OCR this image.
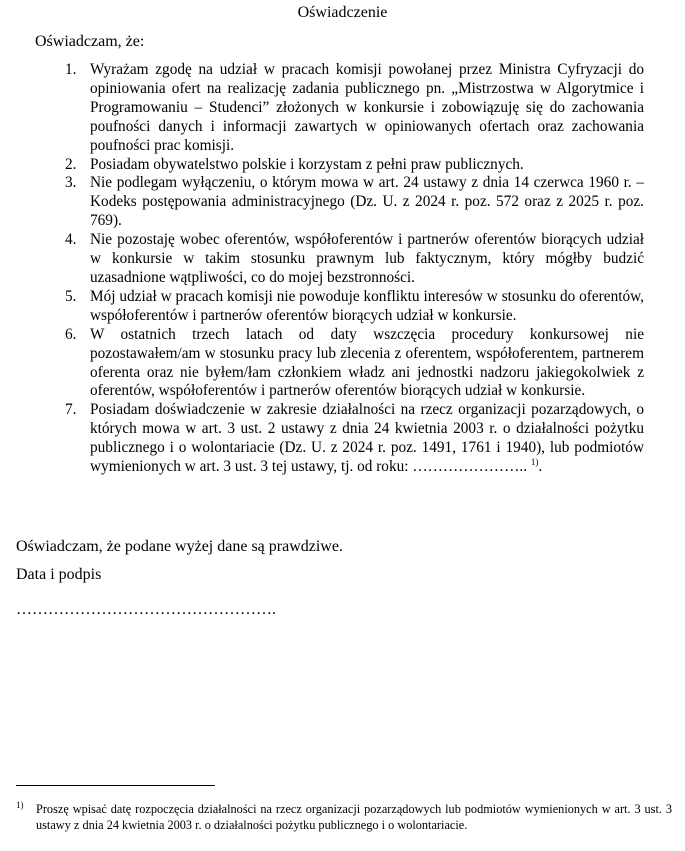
Oświadczenie
Oświadczam, że:
1. Wyrażam zgodę na udział w pracach komisji powołanej przez Ministra Cyfryzacji do opiniowania ofert na realizację zadania publicznego pn. „Mistrzostwa w Algorytmice i Programowaniu – Studenci” złożonych w konkursie i zobowiązuję się do zachowania poufności danych i informacji zawartych w opiniowanych ofertach oraz zachowania poufności prac komisji.
2. Posiadam obywatelstwo polskie i korzystam z pełni praw publicznych.
3. Nie podlegam wyłączeniu, o którym mowa w art. 24 ustawy z dnia 14 czerwca 1960 r. – Kodeks postępowania administracyjnego (Dz. U. z 2024 r. poz. 572 oraz z 2025 r. poz. 769).
4. Nie pozostaję wobec oferentów, współoferentów i partnerów oferentów biorących udział w konkursie w takim stosunku prawnym lub faktycznym, który mógłby budzić uzasadnione wątpliwości, co do mojej bezstronności.
5. Mój udział w pracach komisji nie powoduje konfliktu interesów w stosunku do oferentów, współoferentów i partnerów oferentów biorących udział w konkursie.
6. W ostatnich trzech latach od daty wszczęcia procedury konkursowej nie pozostawałem/am w stosunku pracy lub zlecenia z oferentem, współoferentem, partnerem oferenta oraz nie byłem/łam członkiem władz ani jednostki nadzoru jakiegokolwiek z oferentów, współoferentów i partnerów oferentów biorących udział w konkursie.
7. Posiadam doświadczenie w zakresie działalności na rzecz organizacji pozarządowych, o których mowa w art. 3 ust. 2 ustawy z dnia 24 kwietnia 2003 r. o działalności pożytku publicznego i o wolontariacie (Dz. U. z 2024 r. poz. 1491, 1761 i 1940), lub podmiotów wymienionych w art. 3 ust. 3 tej ustawy, tj. od roku: ………………….. $^{1)}$.
Oświadczam, że podane wyżej dane są prawdziwe.
Data i podpis
………………………………………….
1) Proszę wpisać datę rozpoczęcia działalności na rzecz organizacji pozarządowych lub podmiotów wymienionych w art. 3 ust. 3 ustawy z dnia 24 kwietnia 2003 r. o działalności pożytku publicznego i o wolontariacie.
